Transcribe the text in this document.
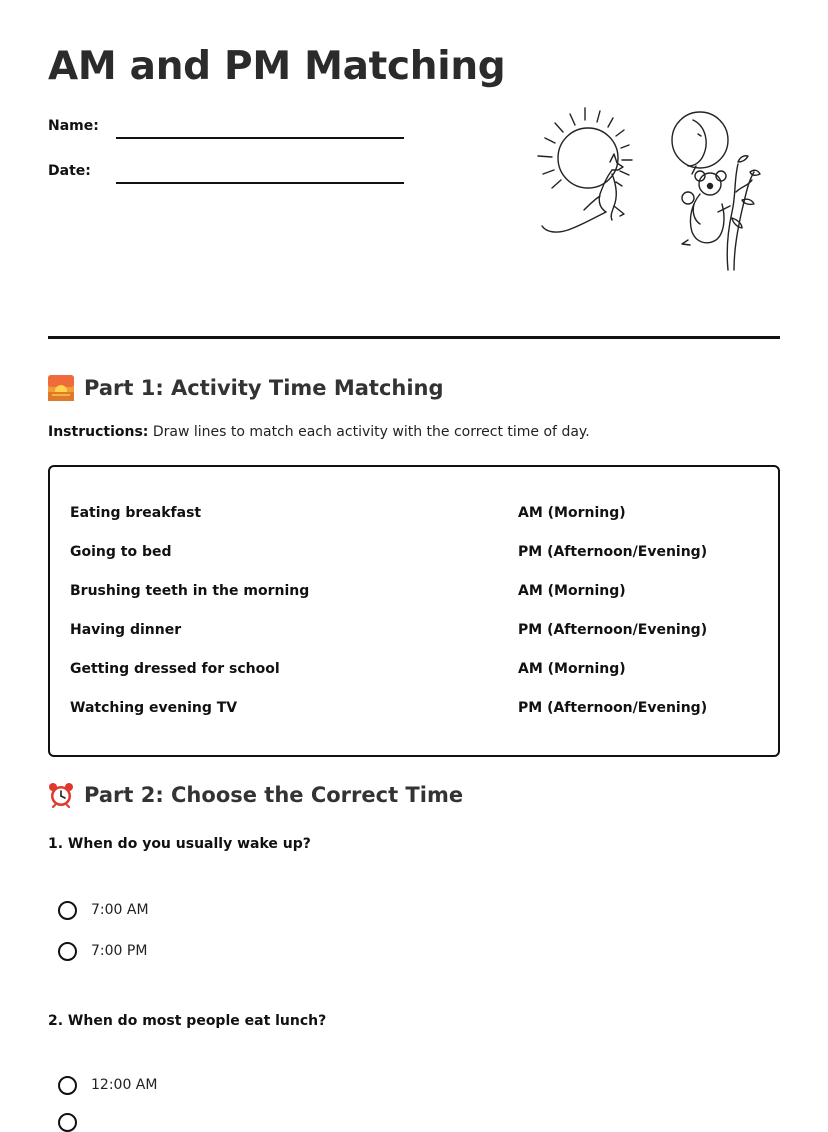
AM and PM Matching
Name:
Date:
Part 1: Activity Time Matching
Instructions: Draw lines to match each activity with the correct time of day.
Eating breakfast	AM (Morning)
Going to bed	PM (Afternoon/Evening)
Brushing teeth in the morning	AM (Morning)
Having dinner	PM (Afternoon/Evening)
Getting dressed for school	AM (Morning)
Watching evening TV	PM (Afternoon/Evening)
Part 2: Choose the Correct Time
1. When do you usually wake up?
7:00 AM
7:00 PM
2. When do most people eat lunch?
12:00 AM
